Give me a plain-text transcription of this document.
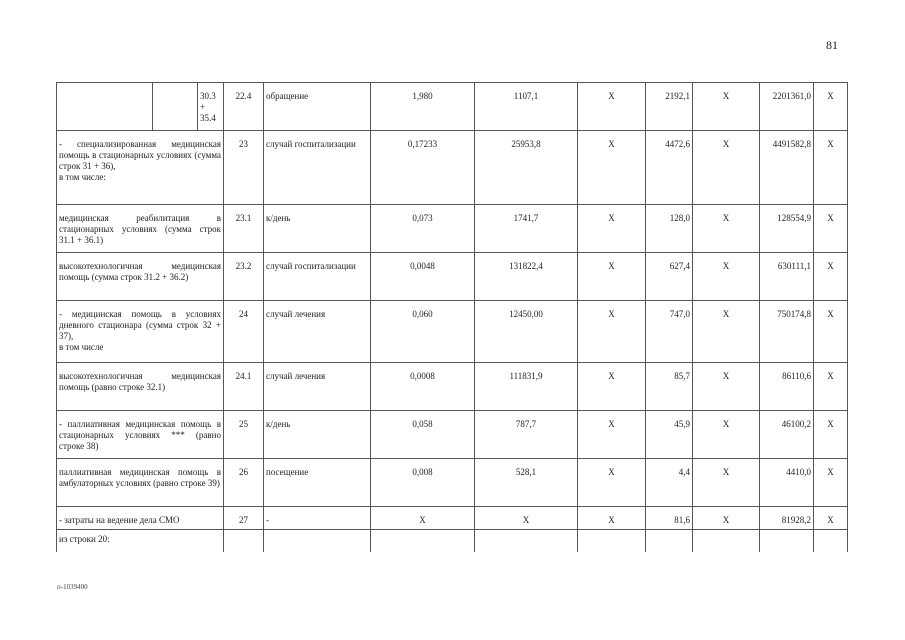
81
		30.3
+
35.4	22.4	обращение	1,980	1107,1	Х	2192,1	Х	2201361,0	Х
- специализированная медицинская помощь в стационарных условиях (сумма строк 31 + 36),
в том числе:			23	случай госпитализации	0,17233	25953,8	Х	4472,6	Х	4491582,8	Х
медицинская реабилитация в стационарных условиях (сумма строк 31.1 + 36.1)			23.1	к/день	0,073	1741,7	Х	128,0	Х	128554,9	Х
высокотехнологичная медицинская помощь (сумма строк 31.2 + 36.2)			23.2	случай госпитализации	0,0048	131822,4	Х	627,4	Х	630111,1	Х
- медицинская помощь в условиях дневного стационара (сумма строк 32 + 37),
в том числе			24	случай лечения	0,060	12450,00	Х	747,0	Х	750174,8	Х
высокотехнологичная медицинская помощь (равно строке 32.1)			24.1	случай лечения	0,0008	111831,9	Х	85,7	Х	86110,6	Х
- паллиативная медицинская помощь в стационарных условиях *** (равно строке 38)			25	к/день	0,058	787,7	Х	45,9	Х	46100,2	Х
паллиативная медицинская помощь в амбулаторных условиях (равно строке 39)			26	посещение	0,008	528,1	Х	4,4	Х	4410,0	Х
- затраты на ведение дела СМО			27	-	Х	Х	Х	81,6	Х	81928,2	Х
из строки 20:											
п-1039400
